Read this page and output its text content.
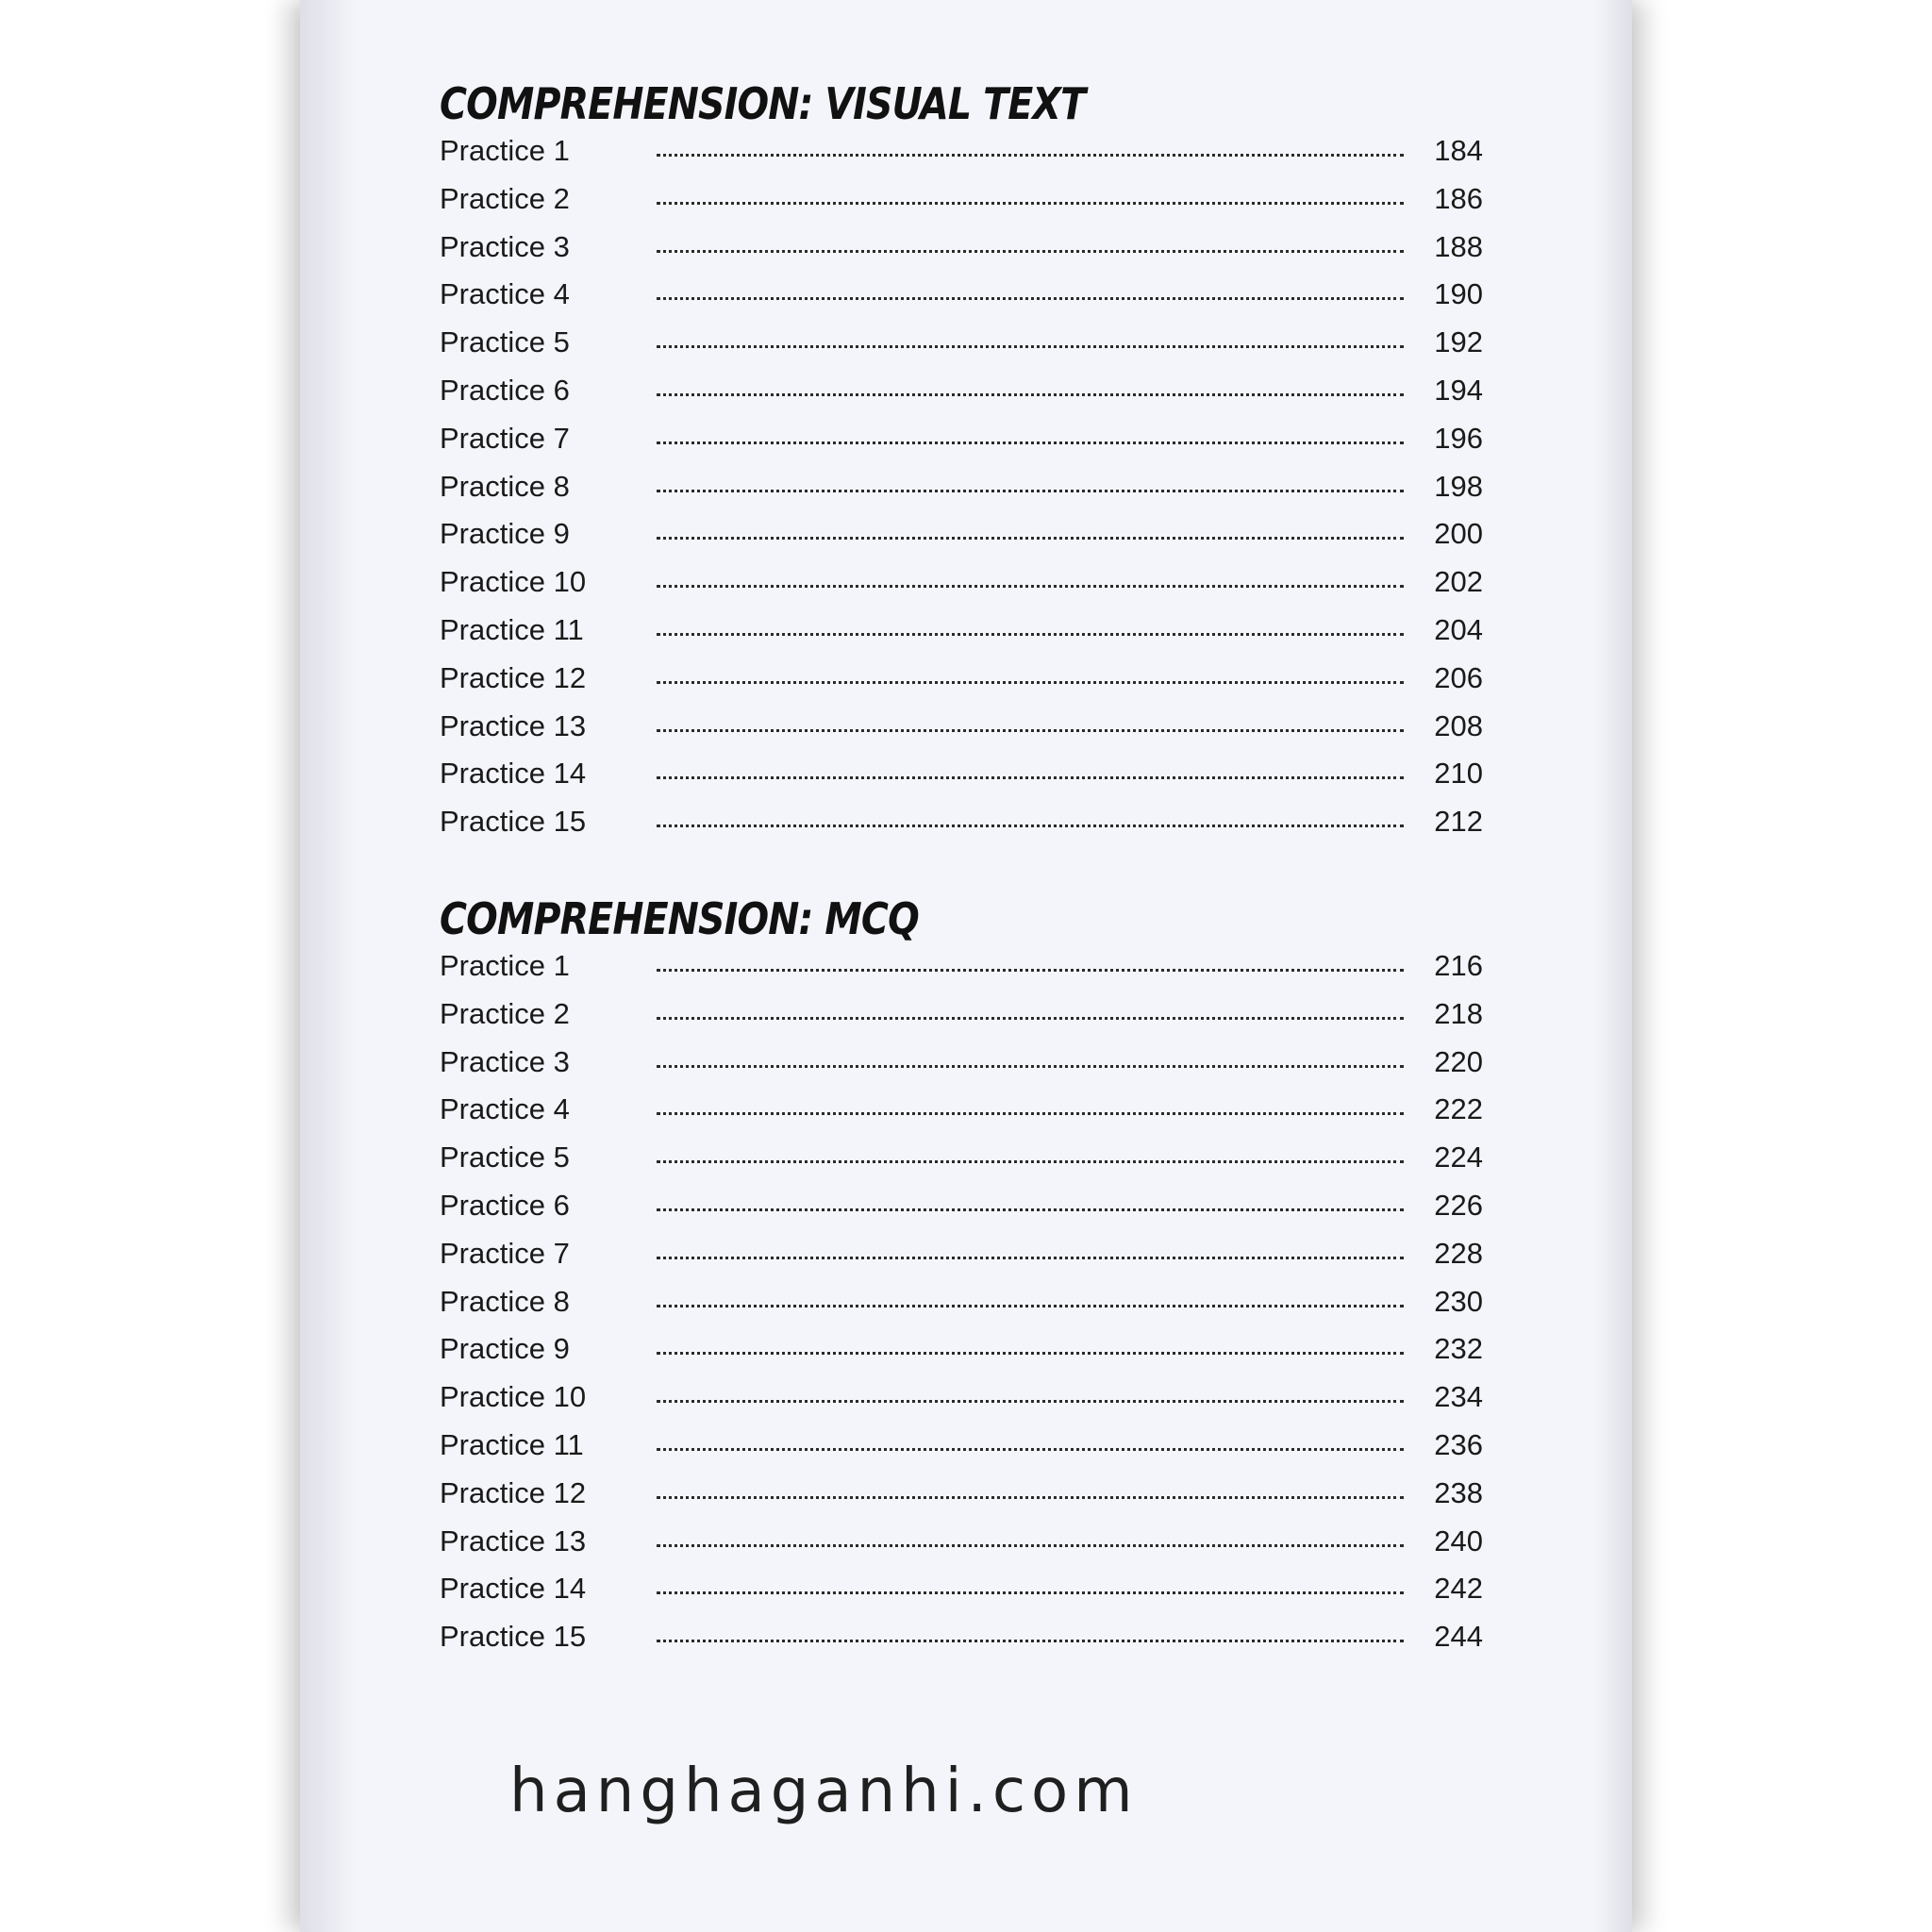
COMPREHENSION: VISUAL TEXT
Practice 1	184
Practice 2	186
Practice 3	188
Practice 4	190
Practice 5	192
Practice 6	194
Practice 7	196
Practice 8	198
Practice 9	200
Practice 10	202
Practice 11	204
Practice 12	206
Practice 13	208
Practice 14	210
Practice 15	212
COMPREHENSION: MCQ
Practice 1	216
Practice 2	218
Practice 3	220
Practice 4	222
Practice 5	224
Practice 6	226
Practice 7	228
Practice 8	230
Practice 9	232
Practice 10	234
Practice 11	236
Practice 12	238
Practice 13	240
Practice 14	242
Practice 15	244
hanghaganhi.com
